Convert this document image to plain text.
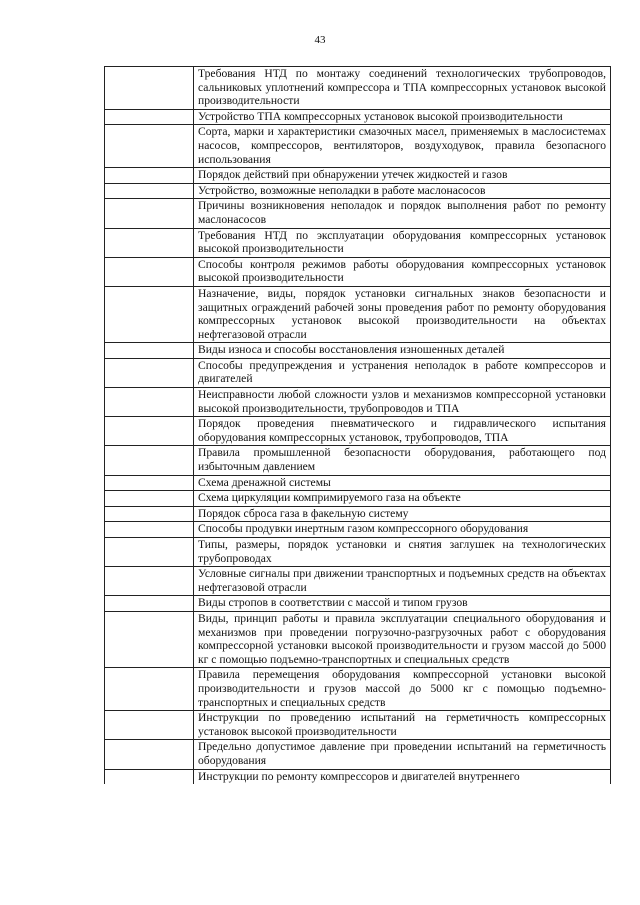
43
	Требования НТД по монтажу соединений технологических трубопроводов, сальниковых уплотнений компрессора и ТПА компрессорных установок высокой производительности
	Устройство ТПА компрессорных установок высокой производительности
	Сорта, марки и характеристики смазочных масел, применяемых в маслосистемах насосов, компрессоров, вентиляторов, воздуходувок, правила безопасного использования
	Порядок действий при обнаружении утечек жидкостей и газов
	Устройство, возможные неполадки в работе маслонасосов
	Причины возникновения неполадок и порядок выполнения работ по ремонту маслонасосов
	Требования НТД по эксплуатации оборудования компрессорных установок высокой производительности
	Способы контроля режимов работы оборудования компрессорных установок высокой производительности
	Назначение, виды, порядок установки сигнальных знаков безопасности и защитных ограждений рабочей зоны проведения работ по ремонту оборудования компрессорных установок высокой производительности на объектах нефтегазовой отрасли
	Виды износа и способы восстановления изношенных деталей
	Способы предупреждения и устранения неполадок в работе компрессоров и двигателей
	Неисправности любой сложности узлов и механизмов компрессорной установки высокой производительности, трубопроводов и ТПА
	Порядок проведения пневматического и гидравлического испытания оборудования компрессорных установок, трубопроводов, ТПА
	Правила промышленной безопасности оборудования, работающего под избыточным давлением
	Схема дренажной системы
	Схема циркуляции компримируемого газа на объекте
	Порядок сброса газа в факельную систему
	Способы продувки инертным газом компрессорного оборудования
	Типы, размеры, порядок установки и снятия заглушек на технологических трубопроводах
	Условные сигналы при движении транспортных и подъемных средств на объектах нефтегазовой отрасли
	Виды стропов в соответствии с массой и типом грузов
	Виды, принцип работы и правила эксплуатации специального оборудования и механизмов при проведении погрузочно-разгрузочных работ с оборудования компрессорной установки высокой производительности и грузом массой до 5000 кг с помощью подъемно-транспортных и специальных средств
	Правила перемещения оборудования компрессорной установки высокой производительности и грузов массой до 5000 кг с помощью подъемно-транспортных и специальных средств
	Инструкции по проведению испытаний на герметичность компрессорных установок высокой производительности
	Предельно допустимое давление при проведении испытаний на герметичность оборудования
	Инструкции по ремонту компрессоров и двигателей внутреннего
